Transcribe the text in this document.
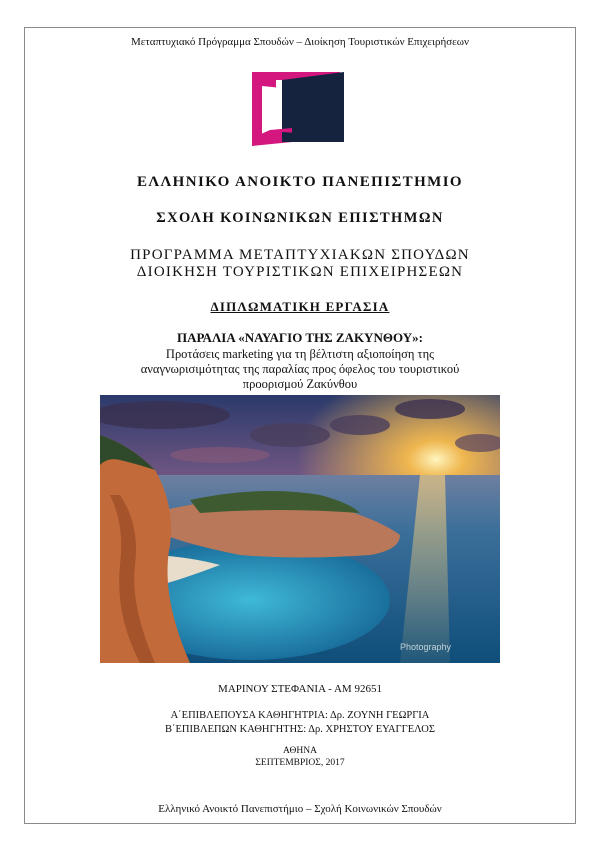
Μεταπτυχιακό Πρόγραμμα Σπουδών – Διοίκηση Τουριστικών Επιχειρήσεων
ΕΛΛΗΝΙΚΟ ΑΝΟΙΚΤΟ ΠΑΝΕΠΙΣΤΗΜΙΟ
ΣΧΟΛΗ ΚΟΙΝΩΝΙΚΩΝ ΕΠΙΣΤΗΜΩΝ
ΠΡΟΓΡΑΜΜΑ ΜΕΤΑΠΤΥΧΙΑΚΩΝ ΣΠΟΥΔΩΝ
ΔΙΟΙΚΗΣΗ ΤΟΥΡΙΣΤΙΚΩΝ ΕΠΙΧΕΙΡΗΣΕΩΝ
ΔΙΠΛΩΜΑΤΙΚΗ ΕΡΓΑΣΙΑ
ΠΑΡΑΛΙΑ «ΝΑΥΑΓΙΟ ΤΗΣ ΖΑΚΥΝΘΟΥ»:
Προτάσεις marketing για τη βέλτιστη αξιοποίηση της
αναγνωρισιμότητας της παραλίας προς όφελος του τουριστικού
προορισμού Ζακύνθου
Photography
ΜΑΡΙΝΟΥ ΣΤΕΦΑΝΙΑ - ΑΜ 92651
Α΄ΕΠΙΒΛΕΠΟΥΣΑ ΚΑΘΗΓΗΤΡΙΑ: Δρ. ΖΟΥΝΗ ΓΕΩΡΓΙΑ
Β΄ΕΠΙΒΛΕΠΩΝ ΚΑΘΗΓΗΤΗΣ: Δρ. ΧΡΗΣΤΟΥ ΕΥΑΓΓΕΛΟΣ
ΑΘΗΝΑ
ΣΕΠΤΕΜΒΡΙΟΣ, 2017
Ελληνικό Ανοικτό Πανεπιστήμιο – Σχολή Κοινωνικών Σπουδών
